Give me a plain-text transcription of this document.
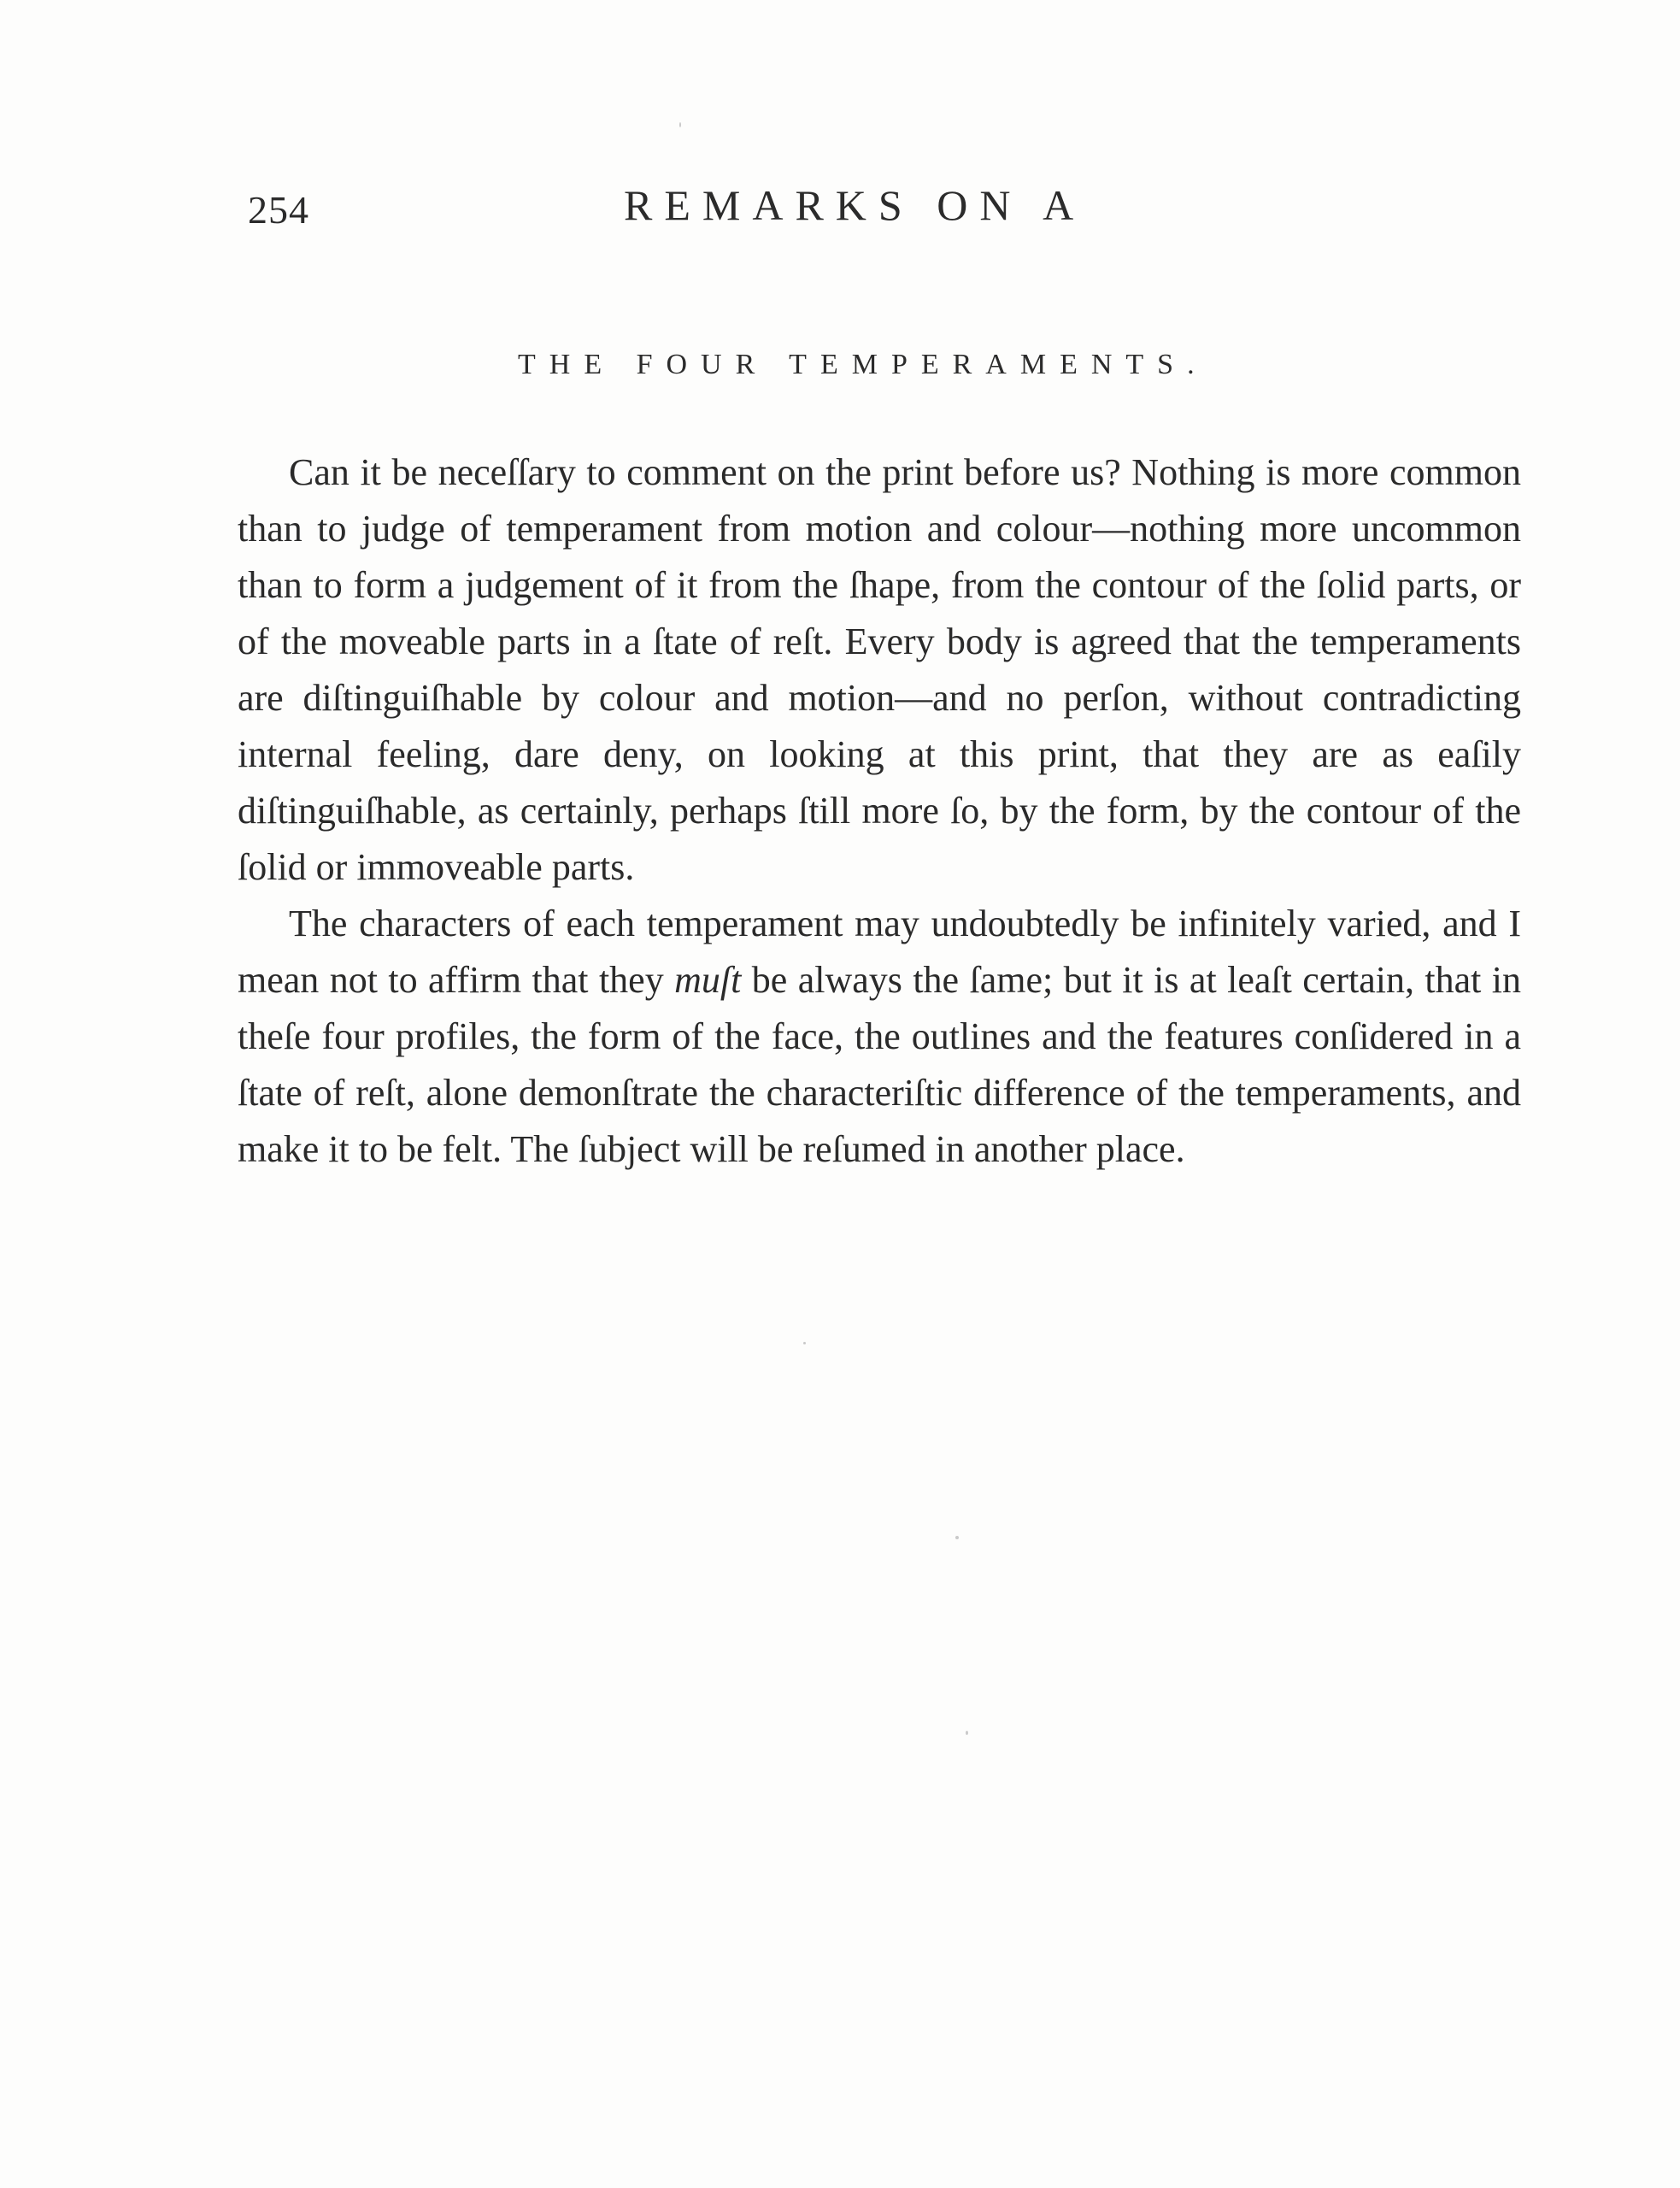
254	REMARKS ON A
THE FOUR TEMPERAMENTS.

Can it be neceſſary to comment on the print before us? Nothing is more common than to judge of temperament from motion and colour—nothing more uncommon than to form a judgement of it from the ſhape, from the contour of the ſolid parts, or of the moveable parts in a ſtate of reſt. Every body is agreed that the temperaments are diſtinguiſhable by colour and motion—and no perſon, without contradicting internal feeling, dare deny, on looking at this print, that they are as eaſily diſtinguiſhable, as certainly, perhaps ſtill more ſo, by the form, by the contour of the ſolid or immoveable parts.

The characters of each temperament may undoubtedly be infinitely varied, and I mean not to affirm that they muſt be always the ſame; but it is at leaſt certain, that in theſe four profiles, the form of the face, the outlines and the features conſidered in a ſtate of reſt, alone demonſtrate the characteriſtic difference of the temperaments, and make it to be felt. The ſubject will be reſumed in another place.
